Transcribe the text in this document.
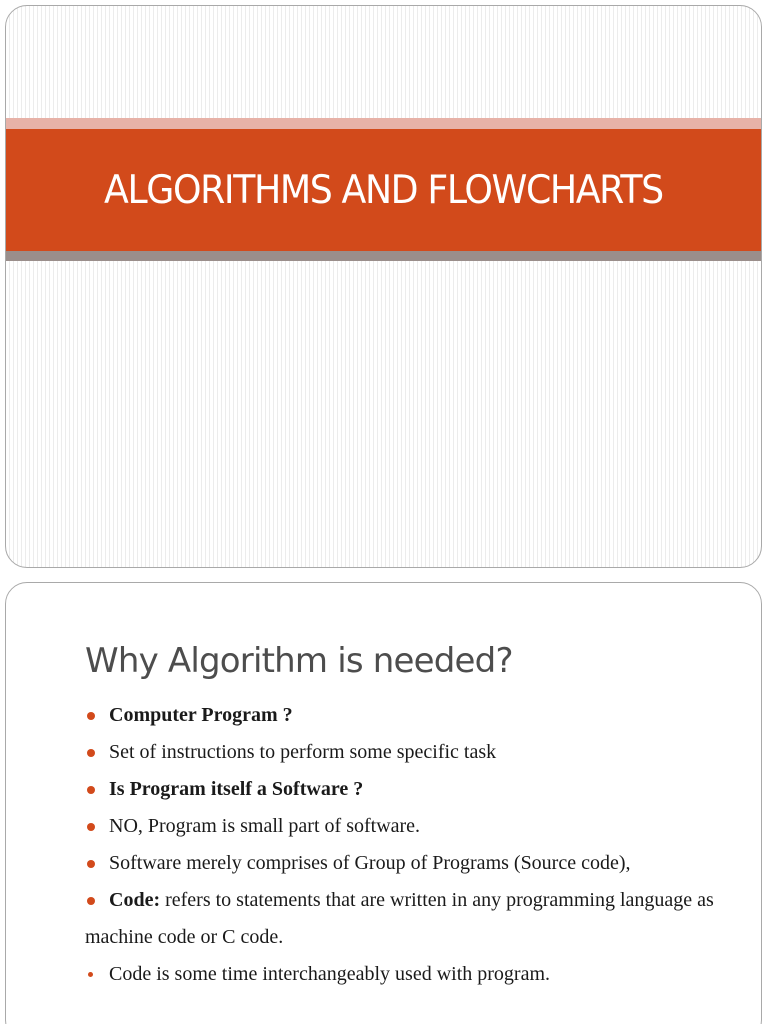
ALGORITHMS AND FLOWCHARTS
Why Algorithm is needed?
Computer Program ?
Set of instructions to perform some specific task
Is Program itself a Software ?
NO, Program is small part of software.
Software merely comprises of Group of Programs (Source code),
Code: refers to statements that are written in any programming language as machine code or C code.
Code is some time interchangeably used with program.
